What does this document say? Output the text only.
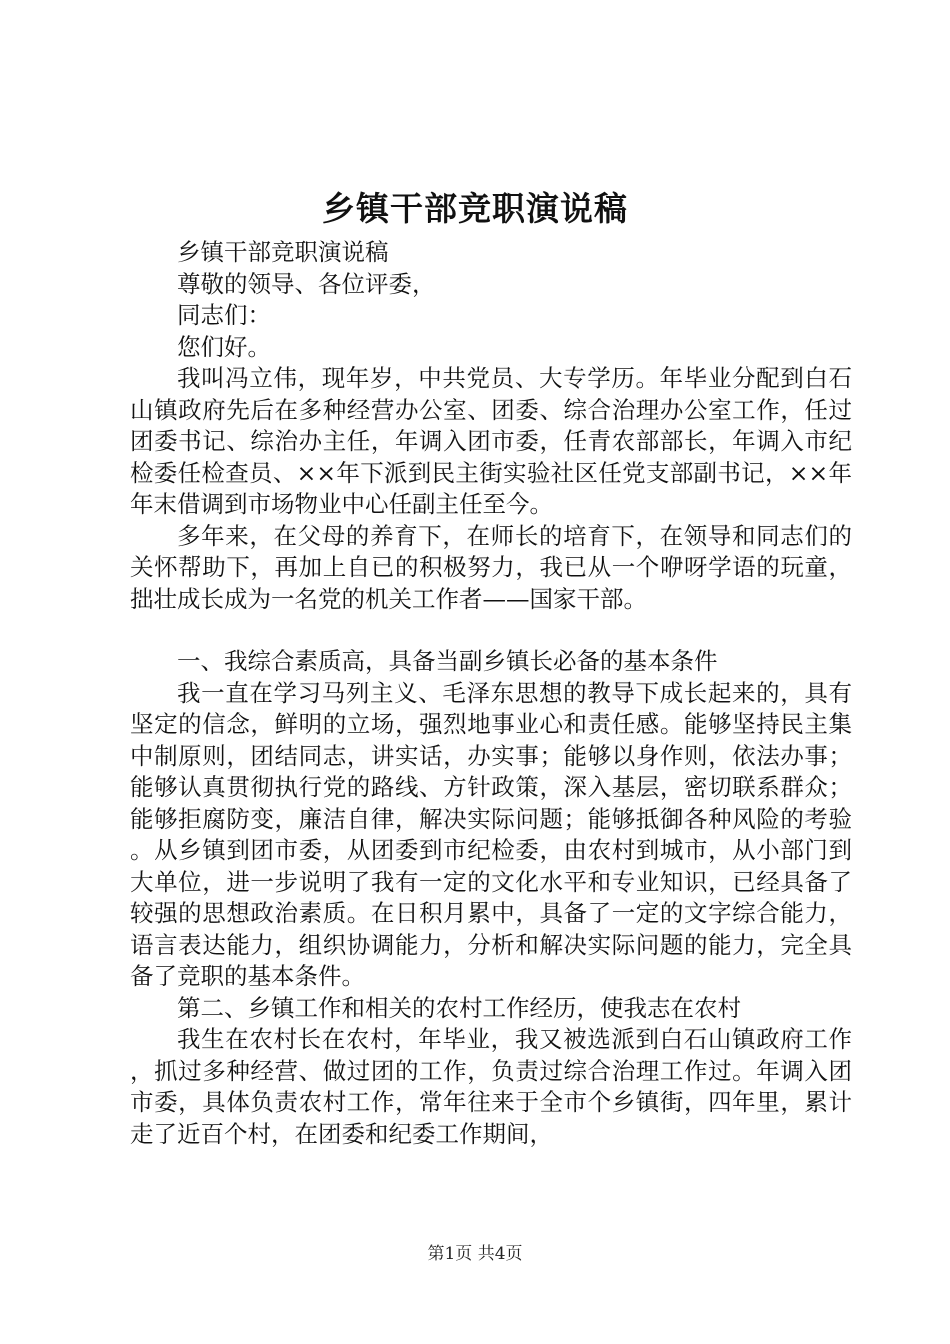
乡镇干部竞职演说稿

乡镇干部竞职演说稿

尊敬的领导、各位评委，

同志们：

您们好。

我叫冯立伟，现年岁，中共党员、大专学历。年毕业分配到白石山镇政府先后在多种经营办公室、团委、综合治理办公室工作，任过团委书记、综治办主任，年调入团市委，任青农部部长，年调入市纪检委任检查员、××年下派到民主街实验社区任党支部副书记，××年年末借调到市场物业中心任副主任至今。

多年来，在父母的养育下，在师长的培育下，在领导和同志们的关怀帮助下，再加上自已的积极努力，我已从一个咿呀学语的玩童，拙壮成长成为一名党的机关工作者——国家干部。

一、我综合素质高，具备当副乡镇长必备的基本条件

我一直在学习马列主义、毛泽东思想的教导下成长起来的，具有坚定的信念，鲜明的立场，强烈地事业心和责任感。能够坚持民主集中制原则，团结同志，讲实话，办实事；能够以身作则，依法办事；能够认真贯彻执行党的路线、方针政策，深入基层，密切联系群众；能够拒腐防变，廉洁自律，解决实际问题；能够抵御各种风险的考验。从乡镇到团市委，从团委到市纪检委，由农村到城市，从小部门到大单位，进一步说明了我有一定的文化水平和专业知识，已经具备了较强的思想政治素质。在日积月累中，具备了一定的文字综合能力，语言表达能力，组织协调能力，分析和解决实际问题的能力，完全具备了竞职的基本条件。

第二、乡镇工作和相关的农村工作经历，使我志在农村

我生在农村长在农村，年毕业，我又被选派到白石山镇政府工作，抓过多种经营、做过团的工作，负责过综合治理工作过。年调入团市委，具体负责农村工作，常年往来于全市个乡镇街，四年里，累计走了近百个村，在团委和纪委工作期间，

第1页 共4页
